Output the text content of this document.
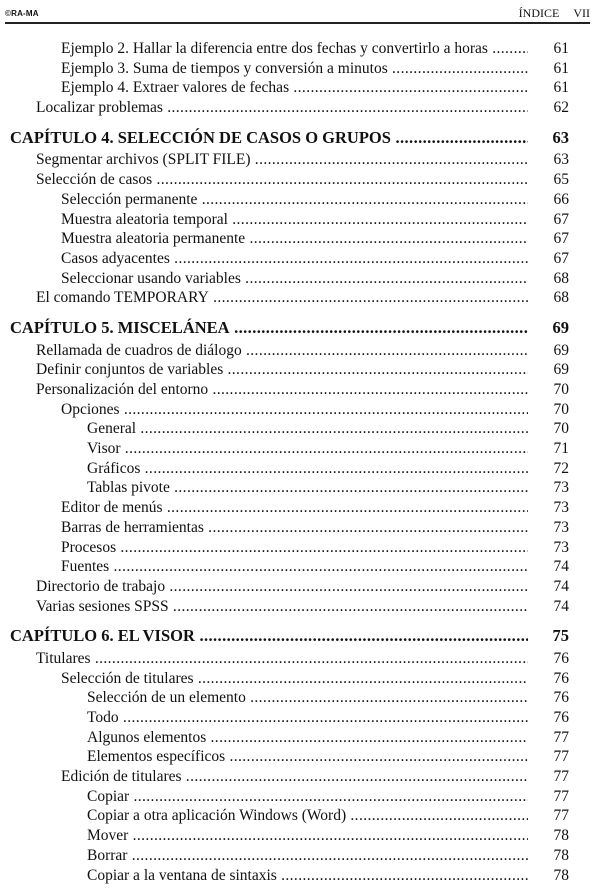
©RA-MA	ÍNDICE VII
Ejemplo 2. Hallar la diferencia entre dos fechas y convertirlo a horas .....	61
Ejemplo 3. Suma de tiempos y conversión a minutos .....	61
Ejemplo 4. Extraer valores de fechas .....	61
Localizar problemas .....	62
CAPÍTULO 4. SELECCIÓN DE CASOS O GRUPOS .....	63
Segmentar archivos (SPLIT FILE) .....	63
Selección de casos .....	65
Selección permanente .....	66
Muestra aleatoria temporal .....	67
Muestra aleatoria permanente .....	67
Casos adyacentes .....	67
Seleccionar usando variables .....	68
El comando TEMPORARY .....	68
CAPÍTULO 5. MISCELÁNEA .....	69
Rellamada de cuadros de diálogo .....	69
Definir conjuntos de variables .....	69
Personalización del entorno .....	70
Opciones .....	70
General .....	70
Visor .....	71
Gráficos .....	72
Tablas pivote .....	73
Editor de menús .....	73
Barras de herramientas .....	73
Procesos .....	73
Fuentes .....	74
Directorio de trabajo .....	74
Varias sesiones SPSS .....	74
CAPÍTULO 6. EL VISOR .....	75
Titulares .....	76
Selección de titulares .....	76
Selección de un elemento .....	76
Todo .....	76
Algunos elementos .....	77
Elementos específicos .....	77
Edición de titulares .....	77
Copiar .....	77
Copiar a otra aplicación Windows (Word) .....	77
Mover .....	78
Borrar .....	78
Copiar a la ventana de sintaxis .....	78
